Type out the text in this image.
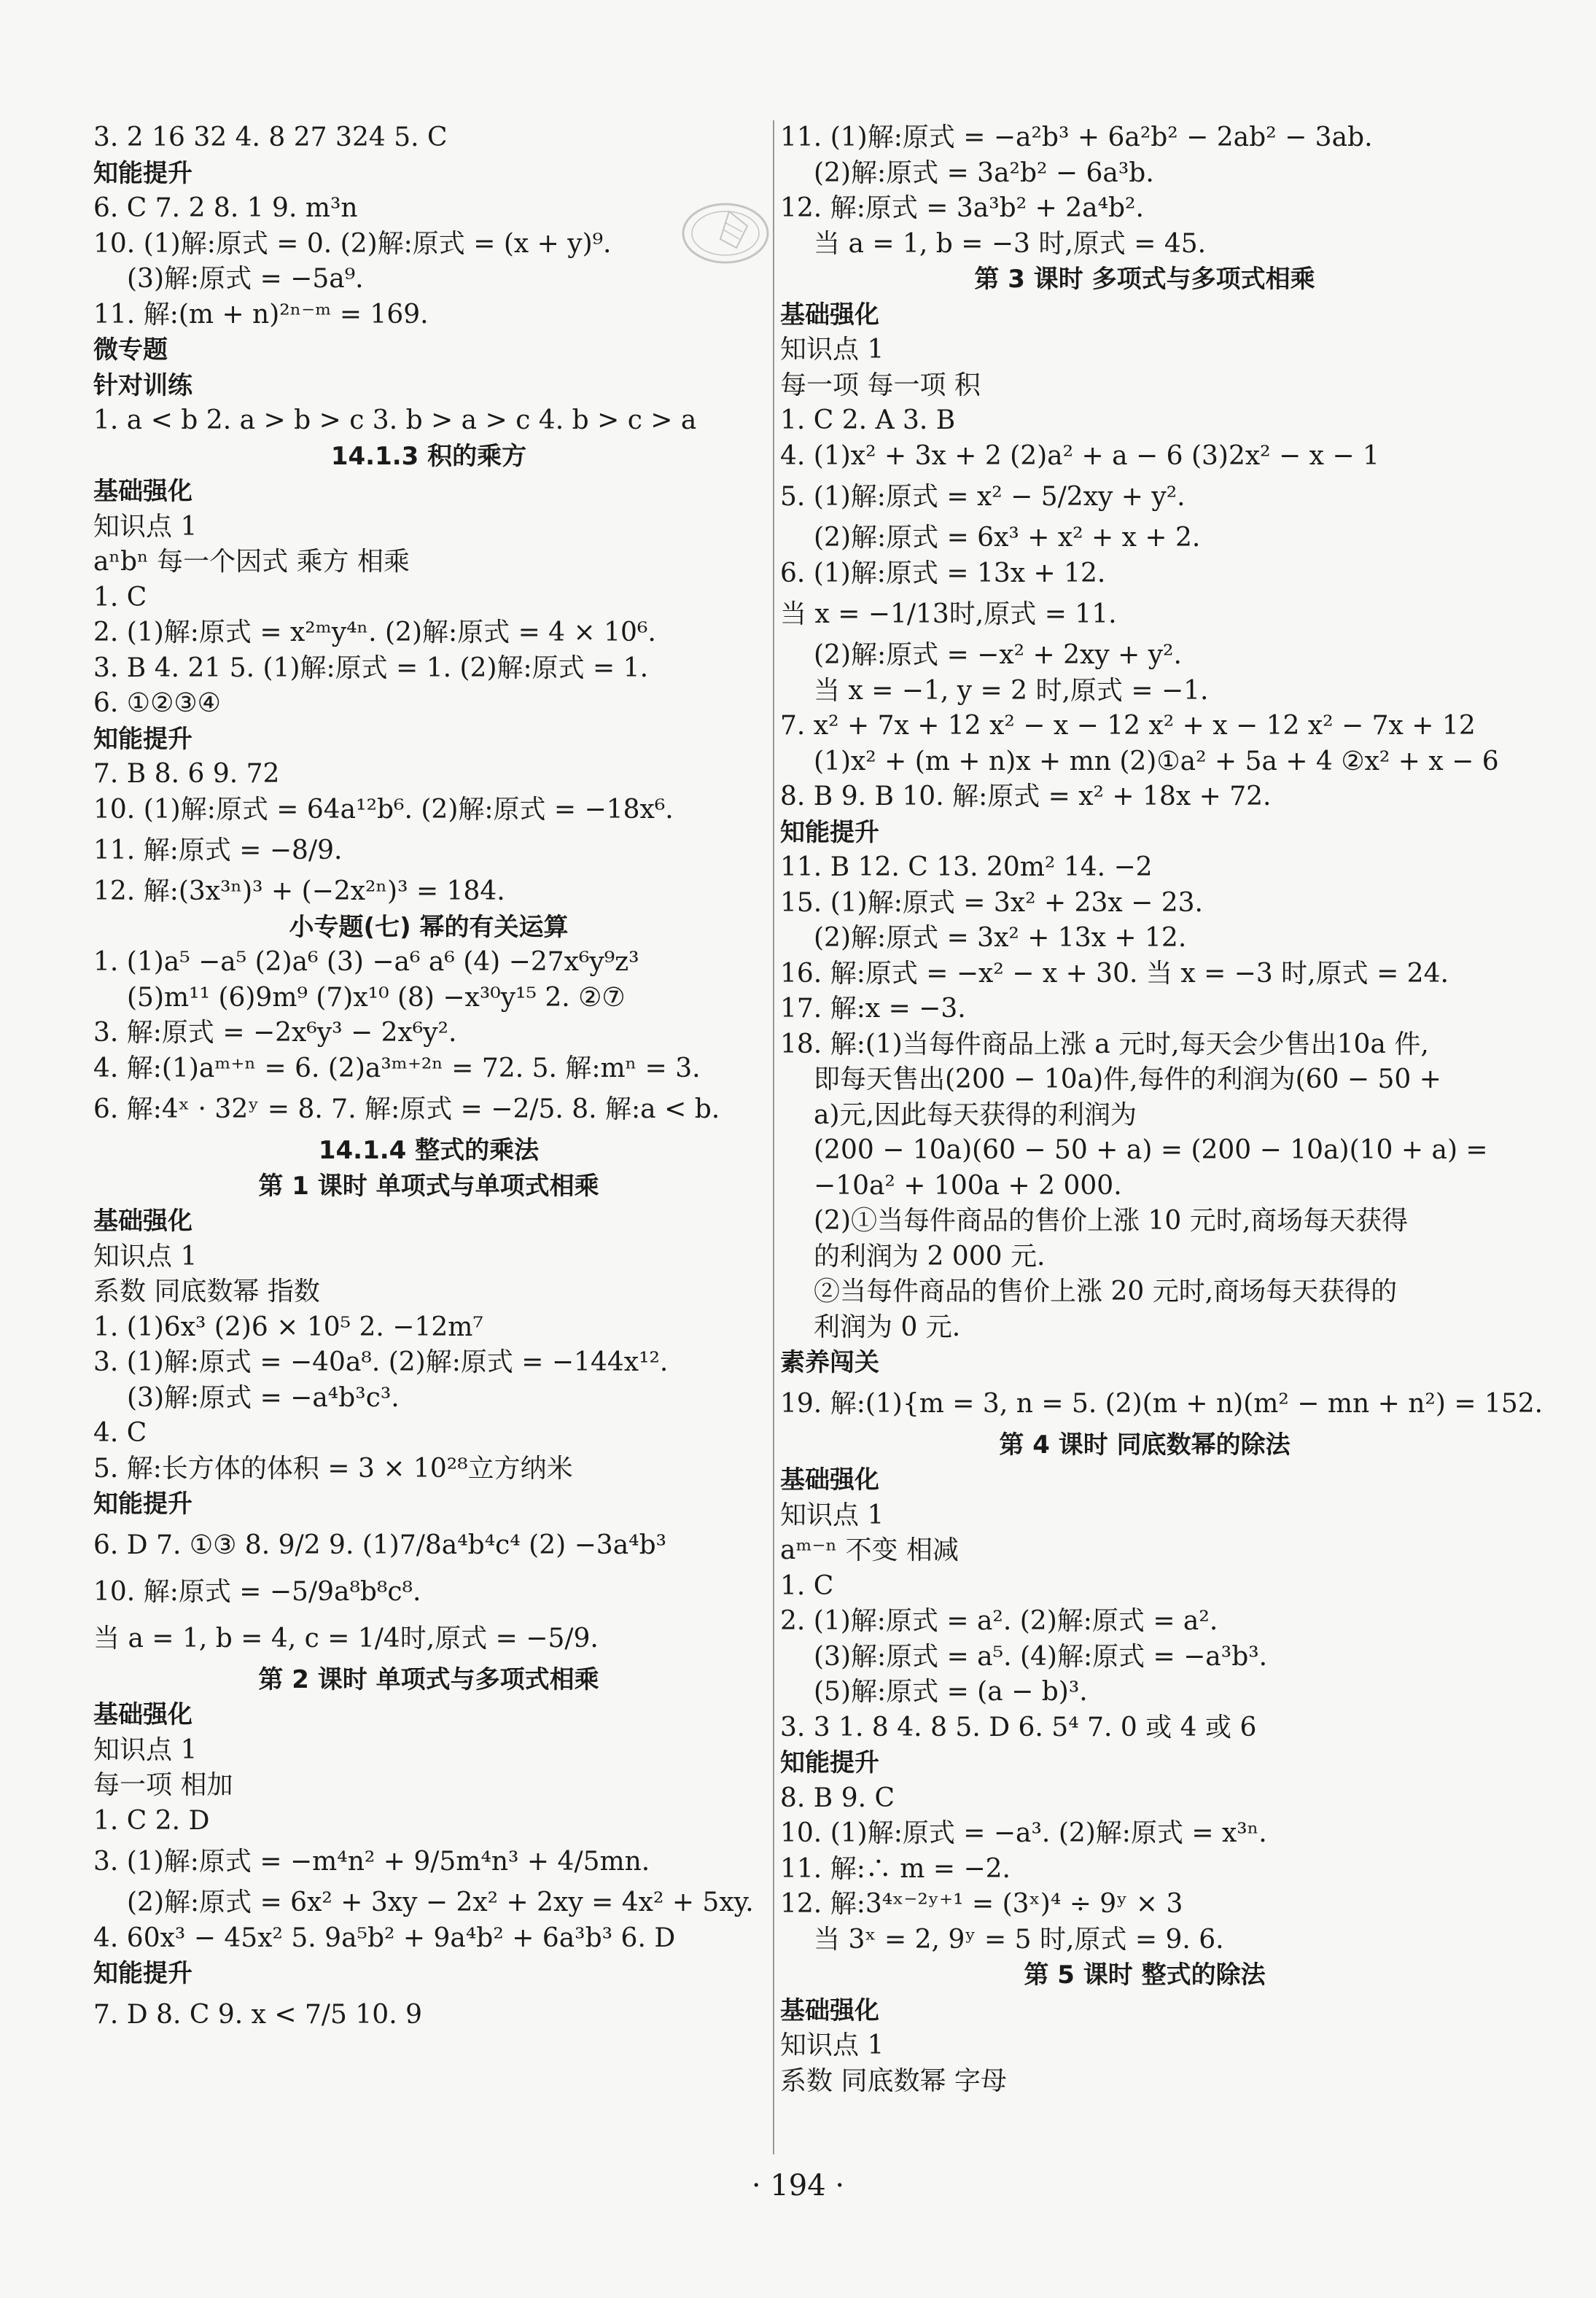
3. 2 16 32 4. 8 27 324 5. C
知能提升
6. C 7. 2 8. 1 9. m³n
10. (1)解:原式 = 0. (2)解:原式 = (x + y)⁹.
(3)解:原式 = −5a⁹.
11. 解:(m + n)²ⁿ⁻ᵐ = 169.
微专题
针对训练
1. a < b 2. a > b > c 3. b > a > c 4. b > c > a
14.1.3 积的乘方
基础强化
知识点 1
aⁿbⁿ 每一个因式 乘方 相乘
1. C
2. (1)解:原式 = x²ᵐy⁴ⁿ. (2)解:原式 = 4 × 10⁶.
3. B 4. 21 5. (1)解:原式 = 1. (2)解:原式 = 1.
6. ①②③④
知能提升
7. B 8. 6 9. 72
10. (1)解:原式 = 64a¹²b⁶. (2)解:原式 = −18x⁶.
11. 解:原式 = −8/9.
12. 解:(3x³ⁿ)³ + (−2x²ⁿ)³ = 184.
小专题(七) 幂的有关运算
1. (1)a⁵ −a⁵ (2)a⁶ (3) −a⁶ a⁶ (4) −27x⁶y⁹z³
(5)m¹¹ (6)9m⁹ (7)x¹⁰ (8) −x³⁰y¹⁵ 2. ②⑦
3. 解:原式 = −2x⁶y³ − 2x⁶y².
4. 解:(1)aᵐ⁺ⁿ = 6. (2)a³ᵐ⁺²ⁿ = 72. 5. 解:mⁿ = 3.
6. 解:4ˣ · 32ʸ = 8. 7. 解:原式 = −2/5. 8. 解:a < b.
14.1.4 整式的乘法
第 1 课时 单项式与单项式相乘
基础强化
知识点 1
系数 同底数幂 指数
1. (1)6x³ (2)6 × 10⁵ 2. −12m⁷
3. (1)解:原式 = −40a⁸. (2)解:原式 = −144x¹².
(3)解:原式 = −a⁴b³c³.
4. C
5. 解:长方体的体积 = 3 × 10²⁸立方纳米
知能提升
6. D 7. ①③ 8. 9/2 9. (1)7/8a⁴b⁴c⁴ (2) −3a⁴b³
10. 解:原式 = −5/9a⁸b⁸c⁸.
当 a = 1, b = 4, c = 1/4时,原式 = −5/9.
第 2 课时 单项式与多项式相乘
基础强化
知识点 1
每一项 相加
1. C 2. D
3. (1)解:原式 = −m⁴n² + 9/5m⁴n³ + 4/5mn.
(2)解:原式 = 6x² + 3xy − 2x² + 2xy = 4x² + 5xy.
4. 60x³ − 45x² 5. 9a⁵b² + 9a⁴b² + 6a³b³ 6. D
知能提升
7. D 8. C 9. x < 7/5 10. 9
11. (1)解:原式 = −a²b³ + 6a²b² − 2ab² − 3ab.
(2)解:原式 = 3a²b² − 6a³b.
12. 解:原式 = 3a³b² + 2a⁴b².
当 a = 1, b = −3 时,原式 = 45.
第 3 课时 多项式与多项式相乘
基础强化
知识点 1
每一项 每一项 积
1. C 2. A 3. B
4. (1)x² + 3x + 2 (2)a² + a − 6 (3)2x² − x − 1
5. (1)解:原式 = x² − 5/2xy + y².
(2)解:原式 = 6x³ + x² + x + 2.
6. (1)解:原式 = 13x + 12.
当 x = −1/13时,原式 = 11.
(2)解:原式 = −x² + 2xy + y².
当 x = −1, y = 2 时,原式 = −1.
7. x² + 7x + 12 x² − x − 12 x² + x − 12 x² − 7x + 12
(1)x² + (m + n)x + mn (2)①a² + 5a + 4 ②x² + x − 6
8. B 9. B 10. 解:原式 = x² + 18x + 72.
知能提升
11. B 12. C 13. 20m² 14. −2
15. (1)解:原式 = 3x² + 23x − 23.
(2)解:原式 = 3x² + 13x + 12.
16. 解:原式 = −x² − x + 30. 当 x = −3 时,原式 = 24.
17. 解:x = −3.
18. 解:(1)当每件商品上涨 a 元时,每天会少售出10a 件,
即每天售出(200 − 10a)件,每件的利润为(60 − 50 +
a)元,因此每天获得的利润为
(200 − 10a)(60 − 50 + a) = (200 − 10a)(10 + a) =
−10a² + 100a + 2 000.
(2)①当每件商品的售价上涨 10 元时,商场每天获得
的利润为 2 000 元.
②当每件商品的售价上涨 20 元时,商场每天获得的
利润为 0 元.
素养闯关
19. 解:(1){m = 3, n = 5. (2)(m + n)(m² − mn + n²) = 152.
第 4 课时 同底数幂的除法
基础强化
知识点 1
aᵐ⁻ⁿ 不变 相减
1. C
2. (1)解:原式 = a². (2)解:原式 = a².
(3)解:原式 = a⁵. (4)解:原式 = −a³b³.
(5)解:原式 = (a − b)³.
3. 3 1. 8 4. 8 5. D 6. 5⁴ 7. 0 或 4 或 6
知能提升
8. B 9. C
10. (1)解:原式 = −a³. (2)解:原式 = x³ⁿ.
11. 解:∴ m = −2.
12. 解:3⁴ˣ⁻²ʸ⁺¹ = (3ˣ)⁴ ÷ 9ʸ × 3
当 3ˣ = 2, 9ʸ = 5 时,原式 = 9. 6.
第 5 课时 整式的除法
基础强化
知识点 1
系数 同底数幂 字母
· 194 ·
